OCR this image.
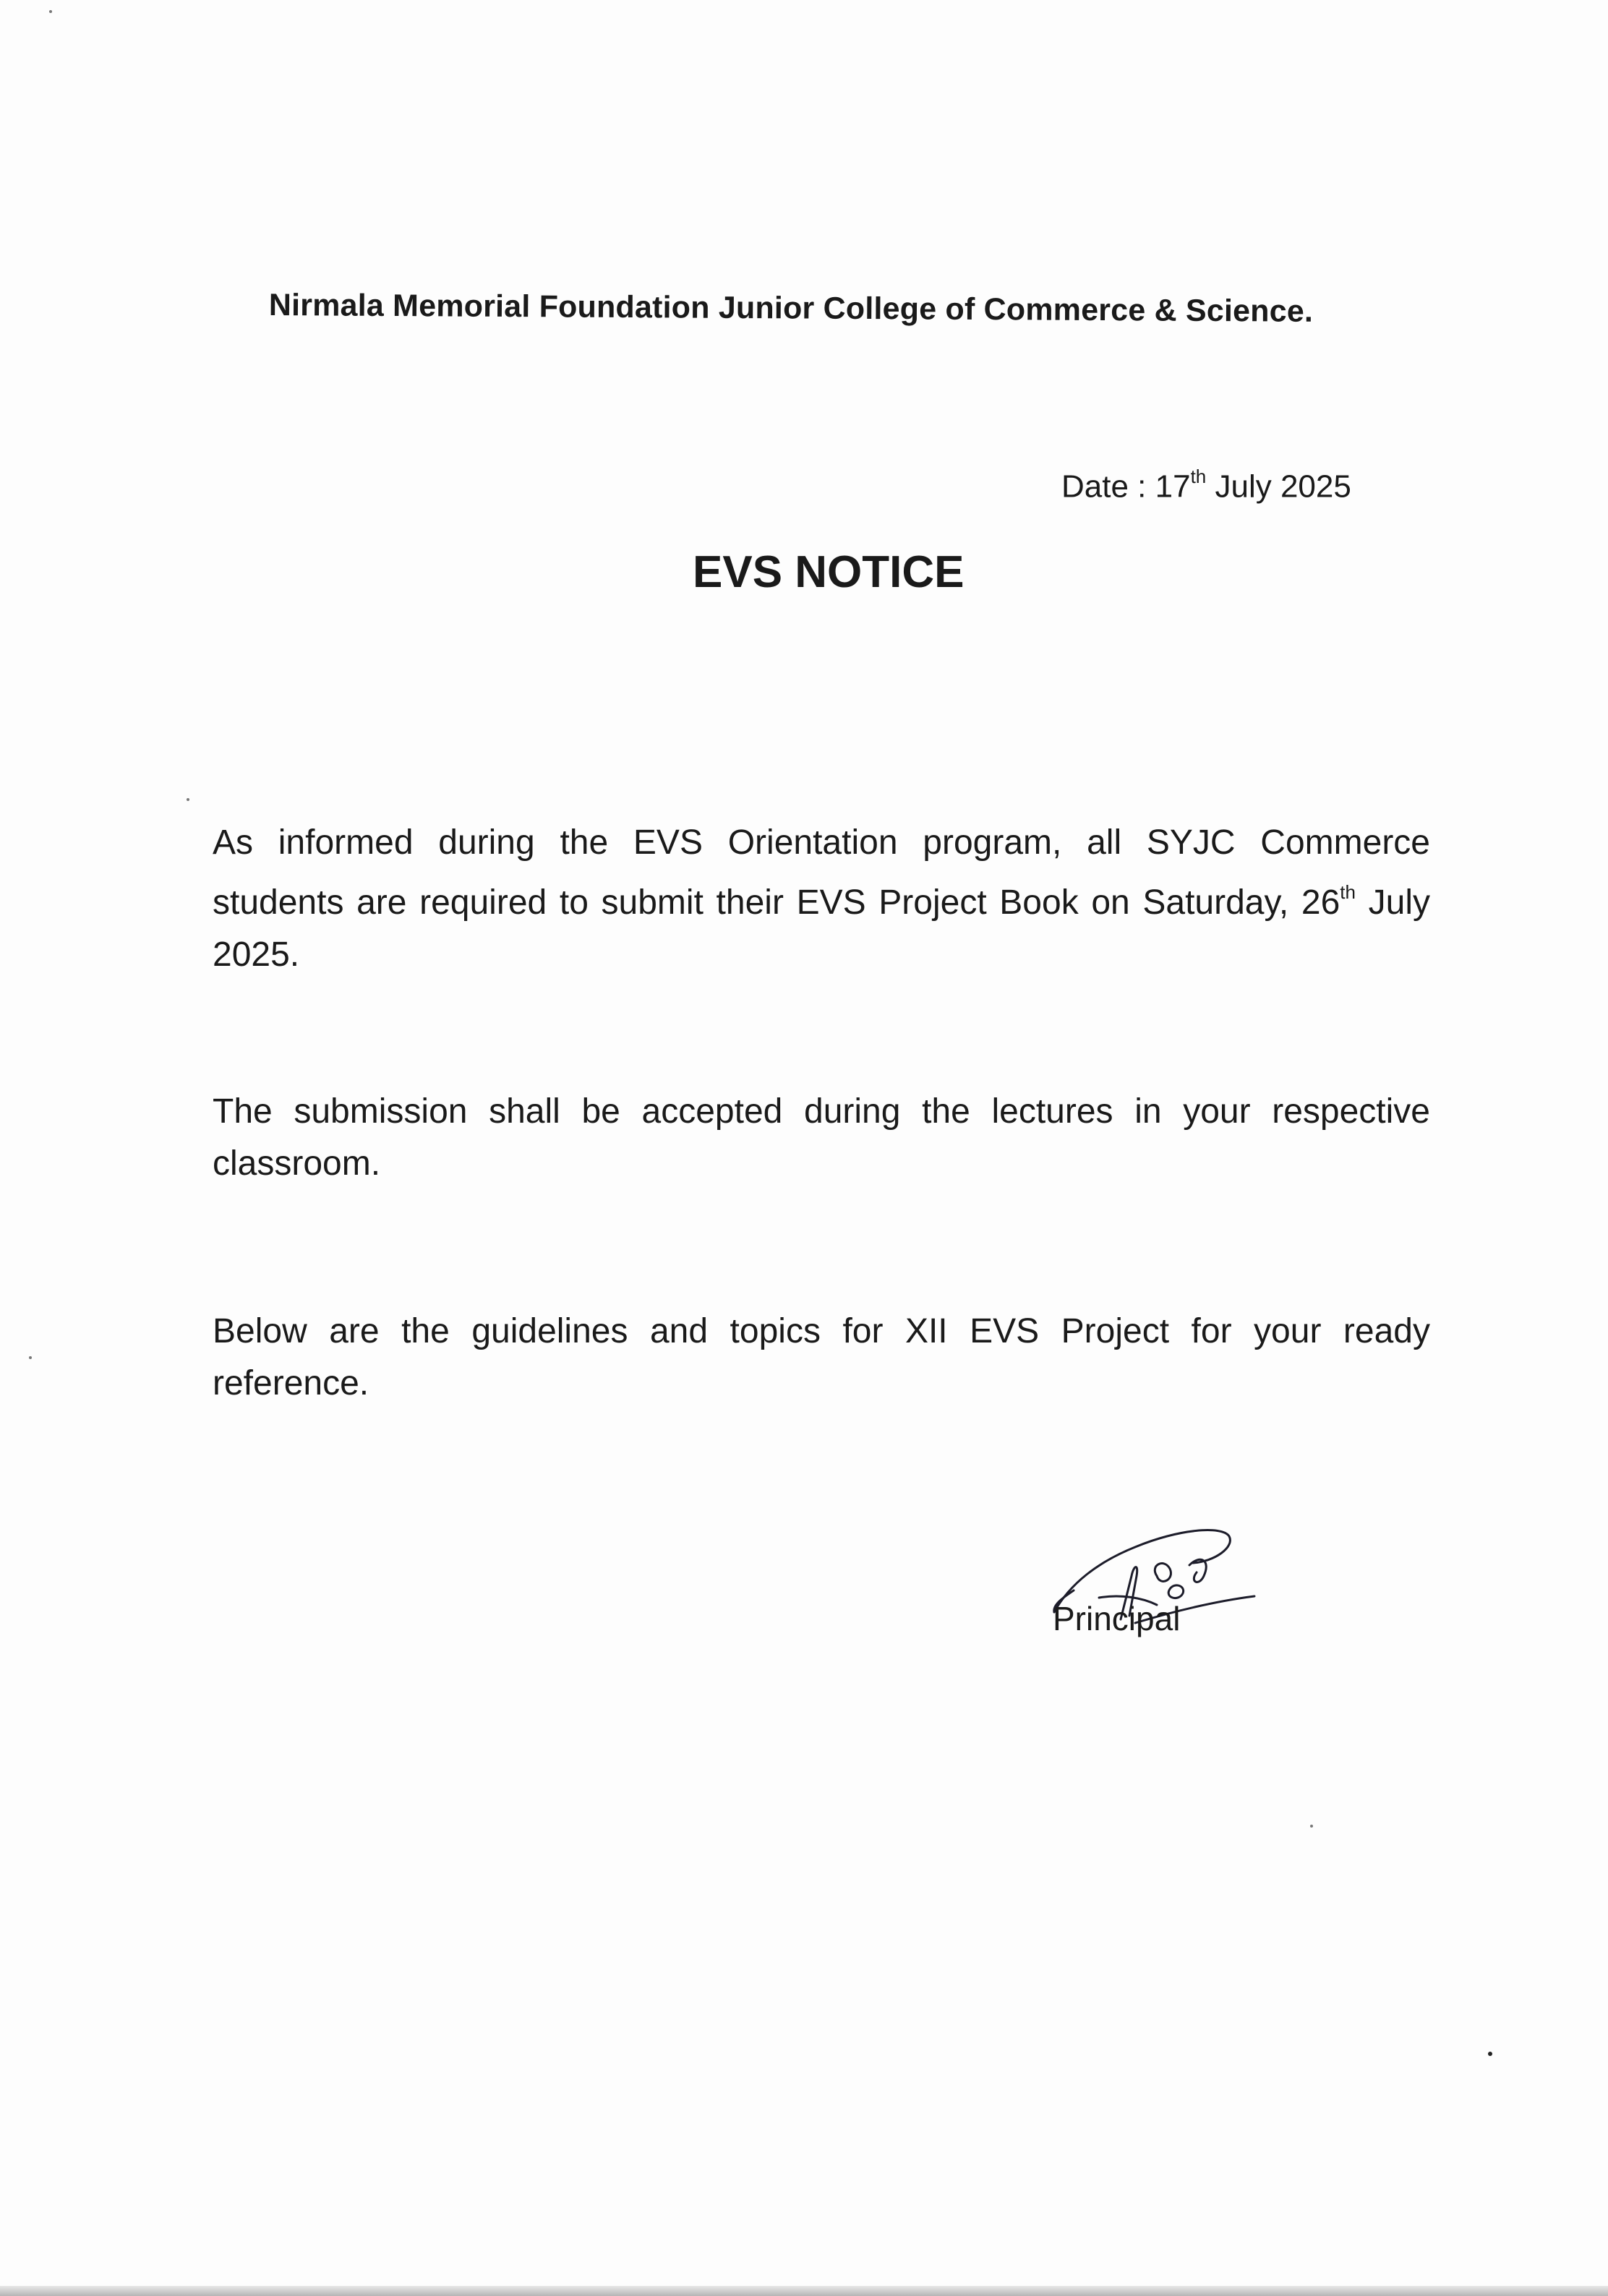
Nirmala Memorial Foundation Junior College of Commerce & Science.
Date : 17th July 2025
EVS NOTICE
As informed during the EVS Orientation program, all SYJC Commerce students are required to submit their EVS Project Book on Saturday, 26th July 2025.
The submission shall be accepted during the lectures in your respective classroom.
Below are the guidelines and topics for XII EVS Project for your ready reference.
Principal
